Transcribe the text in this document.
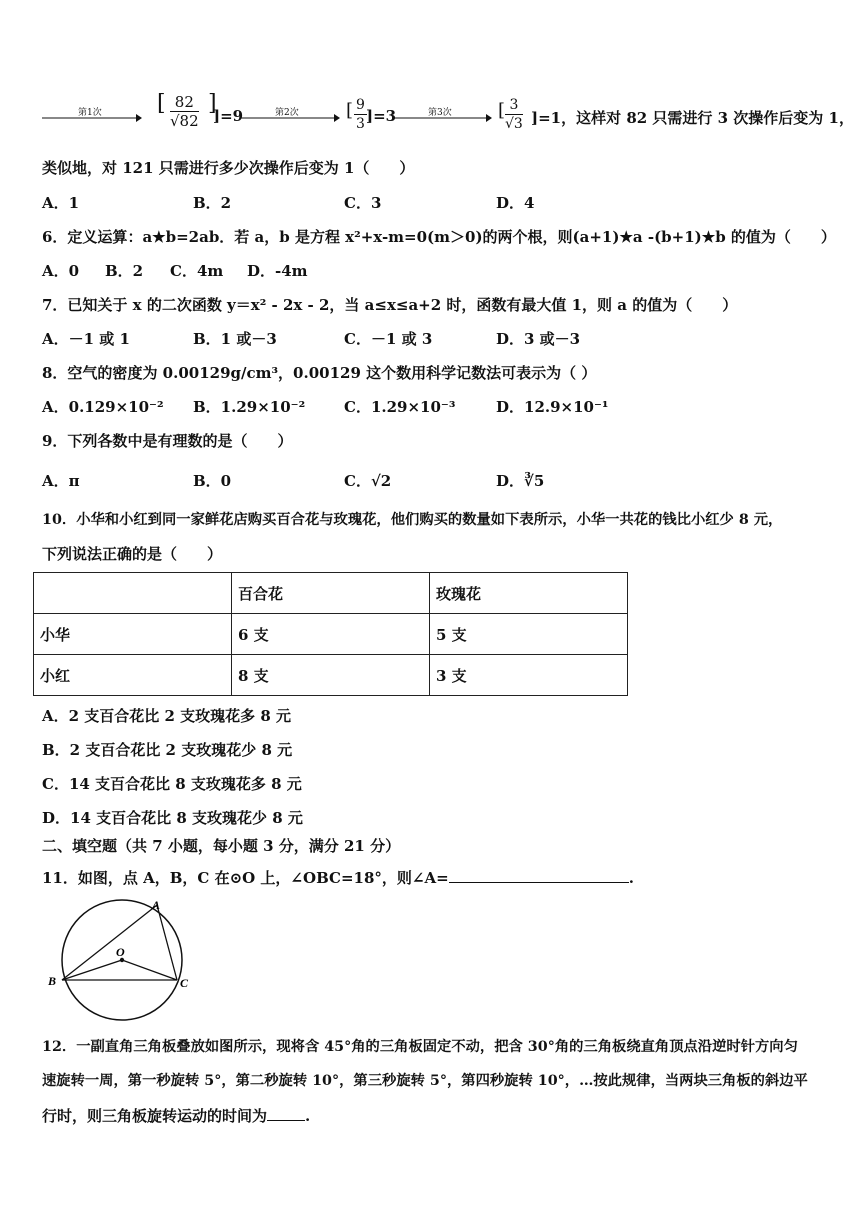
第1次	[ $\frac{82}{√82}$ ]
]=9	第2次	[ $\frac{9}{3} ]=3$	第3次	[ $\frac{3}{√3} ]=1$，这样对 82 只需进行 3 次操作后变为 1，
类似地，对 121 只需进行多少次操作后变为 1（　　）
A．1	B．2	C．3	D．4
6．定义运算：a★b=2ab．若 a，b 是方程 x²+x-m=0(m＞0)的两个根，则(a+1)★a -(b+1)★b 的值为（　　）
A．0 B．2 C．4m D．-4m
7．已知关于 x 的二次函数 y＝x² - 2x - 2，当 a≤x≤a+2 时，函数有最大值 1，则 a 的值为（　　）
A．－1 或 1	B．1 或－3	C．－1 或 3	D．3 或－3
8．空气的密度为 0.00129g/cm³，0.00129 这个数用科学记数法可表示为（ ）
A．0.129×10⁻² B．1.29×10⁻²	C．1.29×10⁻³	D．12.9×10⁻¹
9．下列各数中是有理数的是（　　）
A．π	B．0	C．√2	D．∛5
10．小华和小红到同一家鲜花店购买百合花与玫瑰花，他们购买的数量如下表所示，小华一共花的钱比小红少 8 元，
下列说法正确的是（　　）
	百合花	玫瑰花
小华	6 支	5 支
小红	8 支	3 支
A．2 支百合花比 2 支玫瑰花多 8 元
B．2 支百合花比 2 支玫瑰花少 8 元
C．14 支百合花比 8 支玫瑰花多 8 元
D．14 支百合花比 8 支玫瑰花少 8 元
二、填空题（共 7 小题，每小题 3 分，满分 21 分）
11．如图，点 A，B，C 在⊙O 上，∠OBC=18°，则∠A=	.
A
B	C
O
12．一副直角三角板叠放如图所示，现将含 45°角的三角板固定不动，把含 30°角的三角板绕直角顶点沿逆时针方向匀
速旋转一周，第一秒旋转 5°，第二秒旋转 10°，第三秒旋转 5°，第四秒旋转 10°，…按此规律，当两块三角板的斜边平
行时，则三角板旋转运动的时间为	.
